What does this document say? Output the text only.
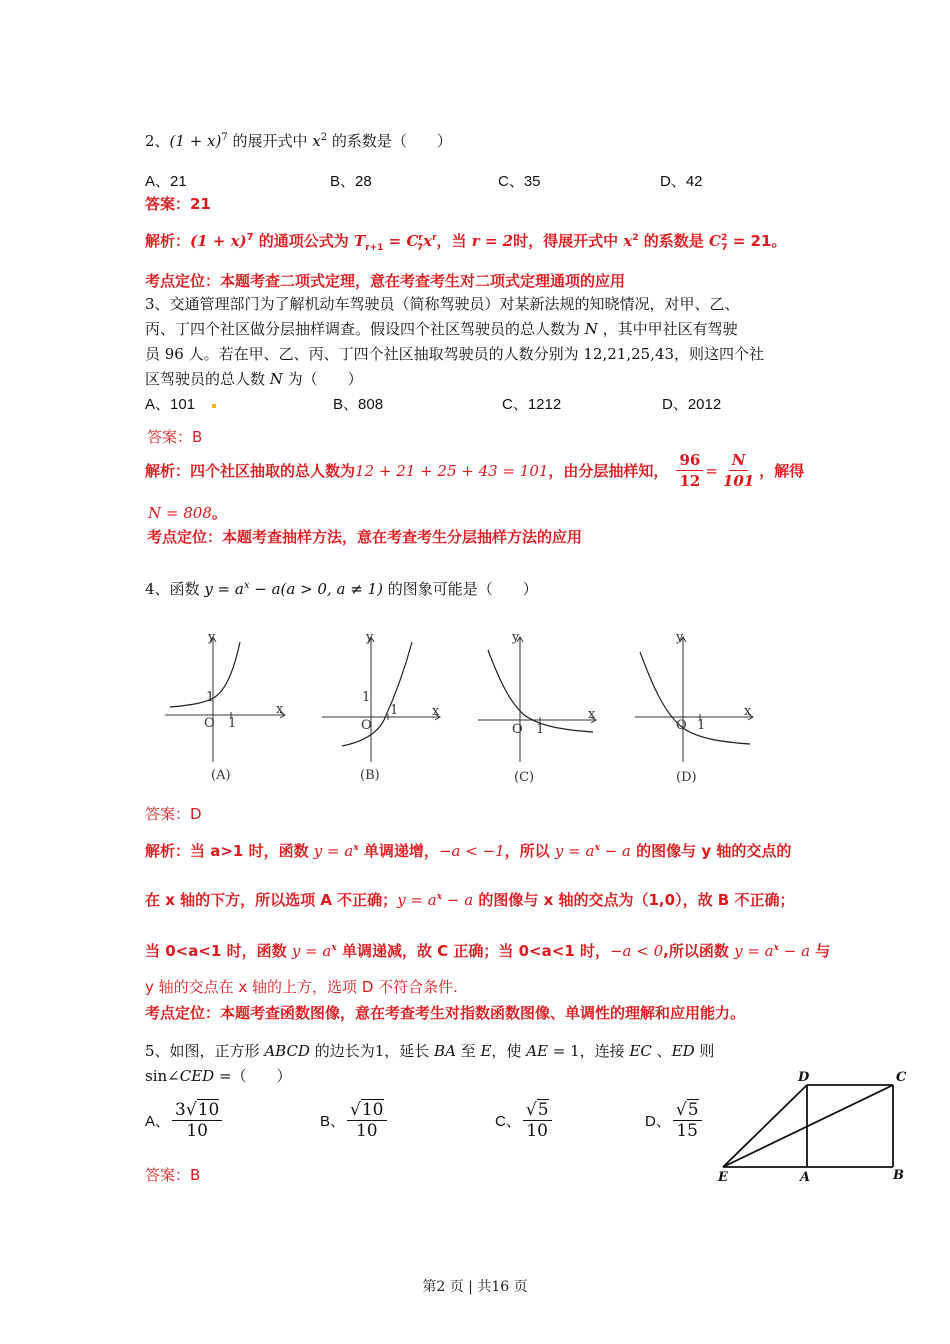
2、$(1 + x)^7$ 的展开式中 $x^2$ 的系数是（　　）
A、21	B、28	C、35	D、42
答案：21
解析：$(1 + x)^7$ 的通项公式为 $T_{r+1} = C^r_7x^r$，当 r = 2时，得展开式中 $x^2$ 的系数是 $C^2_7 = 21$。
考点定位：本题考查二项式定理，意在考查考生对二项式定理通项的应用
3、交通管理部门为了解机动车驾驶员（简称驾驶员）对某新法规的知晓情况，对甲、乙、
丙、丁四个社区做分层抽样调查。假设四个社区驾驶员的总人数为 N ，其中甲社区有驾驶
员 96 人。若在甲、乙、丙、丁四个社区抽取驾驶员的人数分别为 12,21,25,43，则这四个社
区驾驶员的总人数 N 为（　　）
A、101	B、808	C、1212	D、2012
答案：B
解析：四个社区抽取的总人数为 12 + 21 + 25 + 43 = 101 ，由分层抽样知， $\frac{96}{12} = \frac{N}{101}$ ，解得
N = 808。
考点定位：本题考查抽样方法，意在考查考生分层抽样方法的应用
4、函数 $y = a^x - a(a > 0$, a ≠ 1) 的图象可能是（　　）
y
x
O 1
1
(A)
y
x
O
1
1
(B)
y
x
O 1
(C)
y
x
O 1
(D)
答案：D
解析：当 a>1 时，函数 $y = a^x$ 单调递增，−a < −1，所以 $y = a^x - a$ 的图像与 y 轴的交点的
在 x 轴的下方，所以选项 A 不正确；$y = a^x - a$ 的图像与 x 轴的交点为（1,0），故 B 不正确；
当 0<a<1 时，函数 $y = a^x$ 单调递减，故 C 正确；当 0<a<1 时，−a < 0,所以函数 $y = a^x - a$ 与
y 轴的交点在 x 轴的上方，选项 D 不符合条件.
考点定位：本题考查函数图像，意在考查考生对指数函数图像、单调性的理解和应用能力。
5、如图，正方形 ABCD 的边长为1，延长 BA 至 E，使 AE = 1，连接 EC 、ED 则
sin∠CED =（　　）
A、 $\frac{3√10}{10}$	B、 $\frac{√10}{10}$	C、 $\frac{√5}{10}$	D、 $\frac{√5}{15}$
答案：B
D	C
E	A	B
第2 页 | 共16 页
